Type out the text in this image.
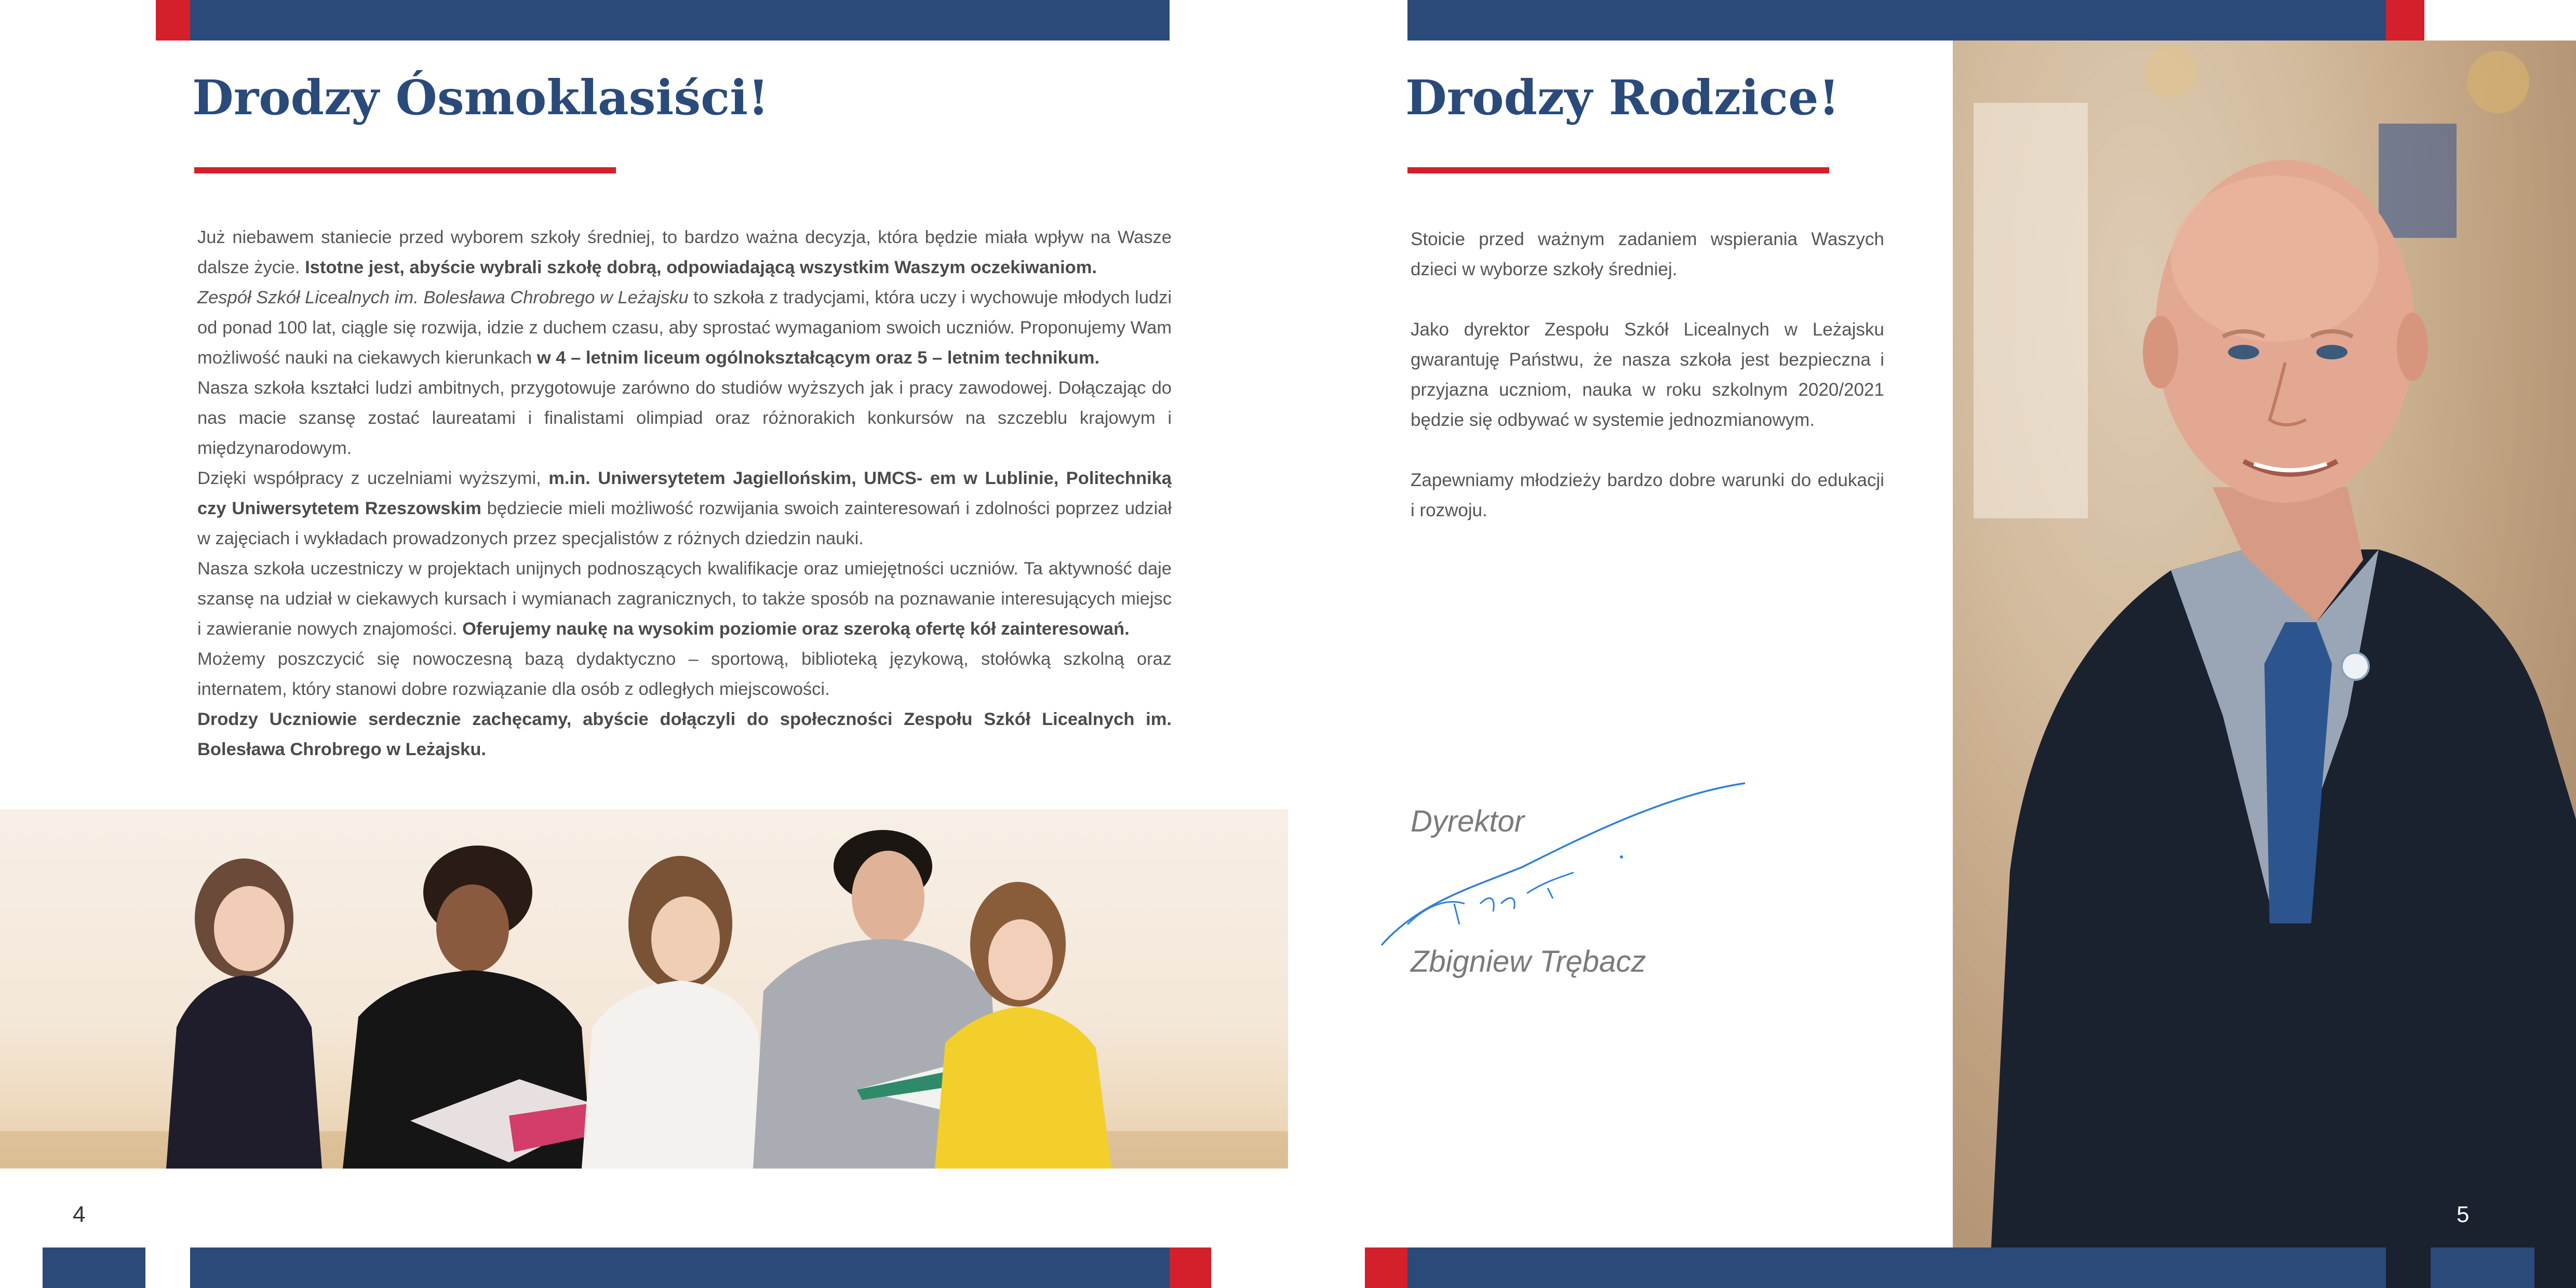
Drodzy Ósmoklasiści!

Już niebawem staniecie przed wyborem szkoły średniej, to bardzo ważna decyzja, która będzie miała wpływ na Wasze dalsze życie. Istotne jest, abyście wybrali szkołę dobrą, odpowiadającą wszystkim Waszym oczekiwaniom.

Zespół Szkół Licealnych im. Bolesława Chrobrego w Leżajsku to szkoła z tradycjami, która uczy i wychowuje młodych ludzi od ponad 100 lat, ciągle się rozwija, idzie z duchem czasu, aby sprostać wymaganiom swoich uczniów. Proponujemy Wam możliwość nauki na ciekawych kierunkach w 4 – letnim liceum ogólnokształcącym oraz 5 – letnim technikum.

Nasza szkoła kształci ludzi ambitnych, przygotowuje zarówno do studiów wyższych jak i pracy zawodowej. Dołączając do nas macie szansę zostać laureatami i finalistami olimpiad oraz różnorakich konkursów na szczeblu krajowym i międzynarodowym.

Dzięki współpracy z uczelniami wyższymi, m.in. Uniwersytetem Jagiellońskim, UMCS- em w Lublinie, Politechniką czy Uniwersytetem Rzeszowskim będziecie mieli możliwość rozwijania swoich zainteresowań i zdolności poprzez udział w zajęciach i wykładach prowadzonych przez specjalistów z różnych dziedzin nauki.

Nasza szkoła uczestniczy w projektach unijnych podnoszących kwalifikacje oraz umiejętności uczniów. Ta aktywność daje szansę na udział w ciekawych kursach i wymianach zagranicznych, to także sposób na poznawanie interesujących miejsc i zawieranie nowych znajomości. Oferujemy naukę na wysokim poziomie oraz szeroką ofertę kół zainteresowań.

Możemy poszczycić się nowoczesną bazą dydaktyczno – sportową, biblioteką językową, stołówką szkolną oraz internatem, który stanowi dobre rozwiązanie dla osób z odległych miejscowości.

Drodzy Uczniowie serdecznie zachęcamy, abyście dołączyli do społeczności Zespołu Szkół Licealnych im. Bolesława Chrobrego w Leżajsku.

4
Drodzy Rodzice!

Stoicie przed ważnym zadaniem wspierania Waszych dzieci w wyborze szkoły średniej.

Jako dyrektor Zespołu Szkół Licealnych w Leżajsku gwarantuję Państwu, że nasza szkoła jest bezpieczna i przyjazna uczniom, nauka w roku szkolnym 2020/2021 będzie się odbywać w systemie jednozmianowym.

Zapewniamy młodzieży bardzo dobre warunki do edukacji i rozwoju.

Dyrektor
Zbigniew Trębacz
5
